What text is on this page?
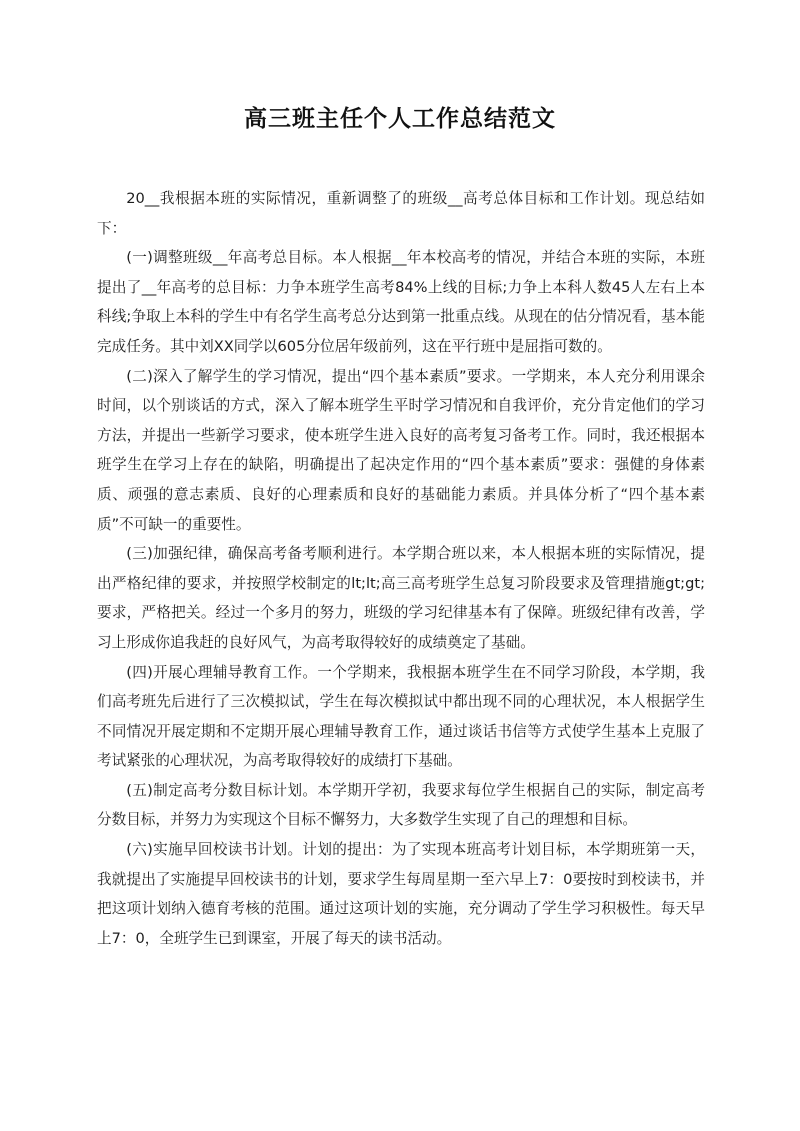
高三班主任个人工作总结范文

20__我根据本班的实际情况，重新调整了的班级__高考总体目标和工作计划。现总结如下：

(一)调整班级__年高考总目标。本人根据__年本校高考的情况，并结合本班的实际，本班提出了__年高考的总目标：力争本班学生高考84%上线的目标;力争上本科人数45人左右上本科线;争取上本科的学生中有名学生高考总分达到第一批重点线。从现在的估分情况看，基本能完成任务。其中刘XX同学以605分位居年级前列，这在平行班中是屈指可数的。

(二)深入了解学生的学习情况，提出“四个基本素质”要求。一学期来，本人充分利用课余时间，以个别谈话的方式，深入了解本班学生平时学习情况和自我评价，充分肯定他们的学习方法，并提出一些新学习要求，使本班学生进入良好的高考复习备考工作。同时，我还根据本班学生在学习上存在的缺陷，明确提出了起决定作用的“四个基本素质”要求：强健的身体素质、顽强的意志素质、良好的心理素质和良好的基础能力素质。并具体分析了“四个基本素质”不可缺一的重要性。

(三)加强纪律，确保高考备考顺利进行。本学期合班以来，本人根据本班的实际情况，提出严格纪律的要求，并按照学校制定的lt;lt;高三高考班学生总复习阶段要求及管理措施gt;gt;要求，严格把关。经过一个多月的努力，班级的学习纪律基本有了保障。班级纪律有改善，学习上形成你追我赶的良好风气，为高考取得较好的成绩奠定了基础。

(四)开展心理辅导教育工作。一个学期来，我根据本班学生在不同学习阶段，本学期，我们高考班先后进行了三次模拟试，学生在每次模拟试中都出现不同的心理状况，本人根据学生不同情况开展定期和不定期开展心理辅导教育工作，通过谈话书信等方式使学生基本上克服了考试紧张的心理状况，为高考取得较好的成绩打下基础。

(五)制定高考分数目标计划。本学期开学初，我要求每位学生根据自己的实际，制定高考分数目标，并努力为实现这个目标不懈努力，大多数学生实现了自己的理想和目标。

(六)实施早回校读书计划。计划的提出：为了实现本班高考计划目标，本学期班第一天，我就提出了实施提早回校读书的计划，要求学生每周星期一至六早上7：0要按时到校读书，并把这项计划纳入德育考核的范围。通过这项计划的实施，充分调动了学生学习积极性。每天早上7：0，全班学生已到课室，开展了每天的读书活动。
